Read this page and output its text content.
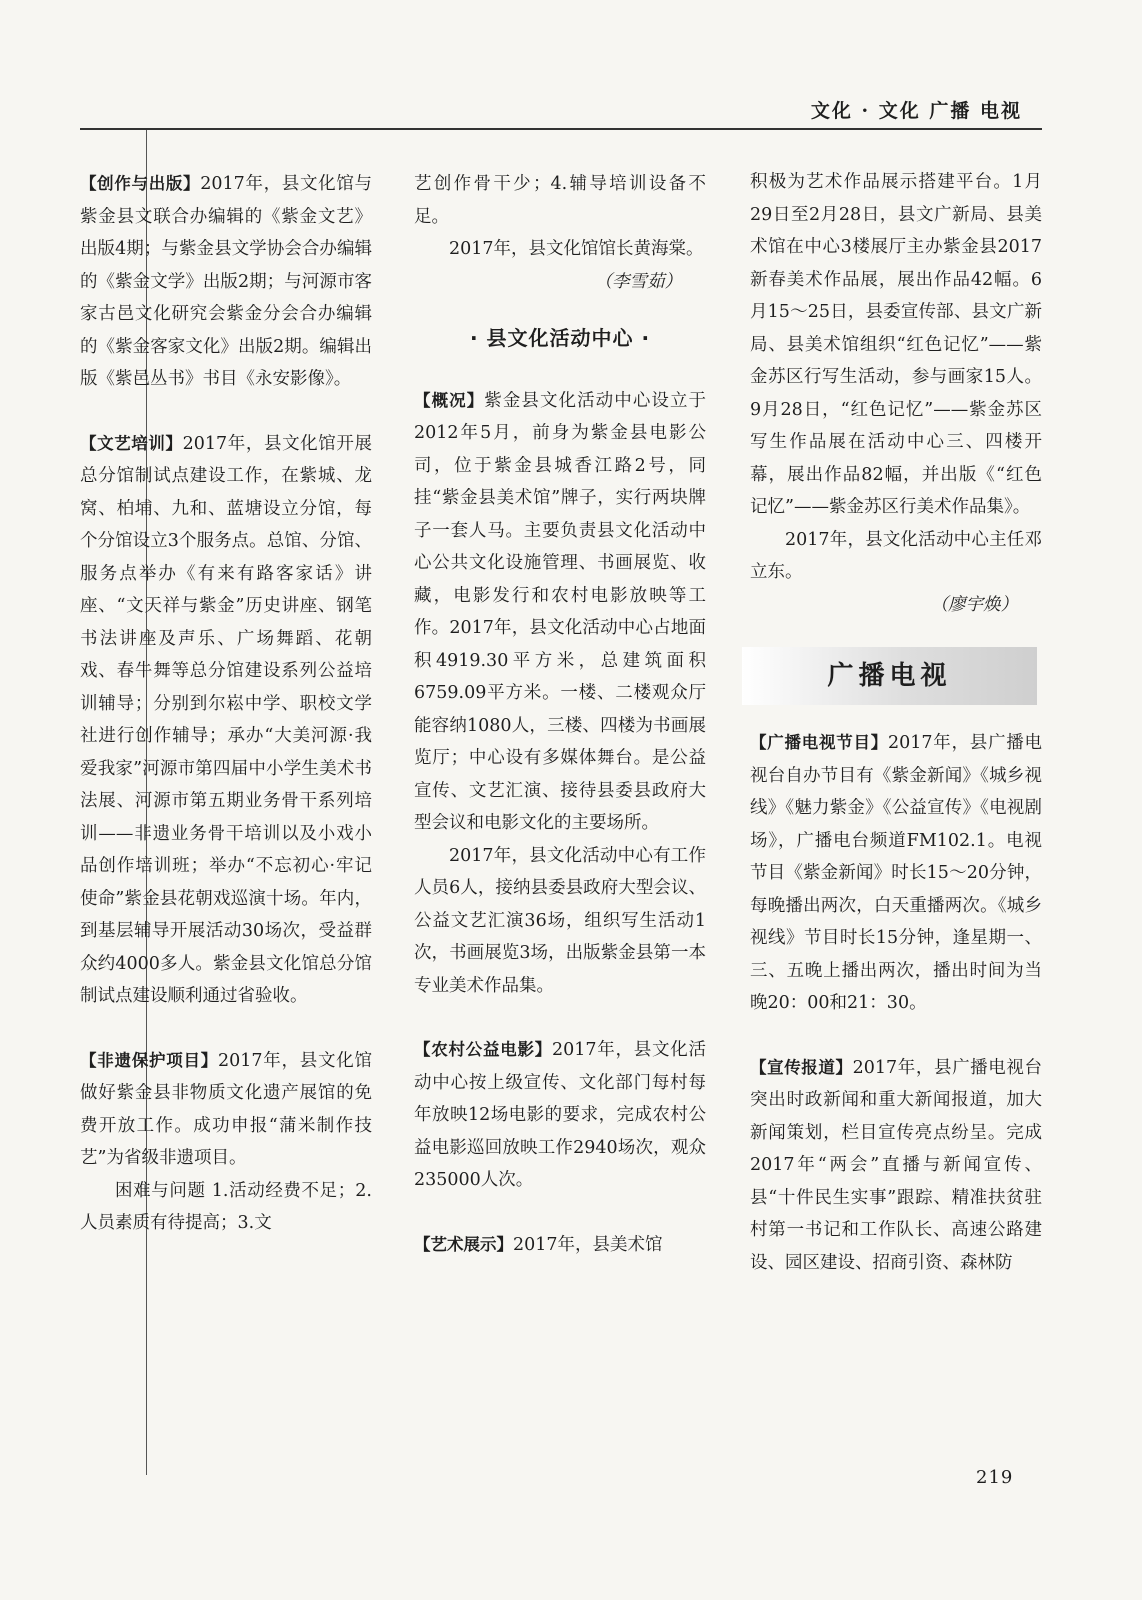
文化 · 文化 广播 电视

【创作与出版】2017年，县文化馆与紫金县文联合办编辑的《紫金文艺》出版4期；与紫金县文学协会合办编辑的《紫金文学》出版2期；与河源市客家古邑文化研究会紫金分会合办编辑的《紫金客家文化》出版2期。编辑出版《紫邑丛书》书目《永安影像》。

【文艺培训】2017年，县文化馆开展总分馆制试点建设工作，在紫城、龙窝、柏埔、九和、蓝塘设立分馆，每个分馆设立3个服务点。总馆、分馆、服务点举办《有来有路客家话》讲座、“文天祥与紫金”历史讲座、钢笔书法讲座及声乐、广场舞蹈、花朝戏、春牛舞等总分馆建设系列公益培训辅导；分别到尔崧中学、职校文学社进行创作辅导；承办“大美河源·我爱我家”河源市第四届中小学生美术书法展、河源市第五期业务骨干系列培训——非遗业务骨干培训以及小戏小品创作培训班；举办“不忘初心·牢记使命”紫金县花朝戏巡演十场。年内，到基层辅导开展活动30场次，受益群众约4000多人。紫金县文化馆总分馆制试点建设顺利通过省验收。

【非遗保护项目】2017年，县文化馆做好紫金县非物质文化遗产展馆的免费开放工作。成功申报“蒲米制作技艺”为省级非遗项目。

困难与问题 1.活动经费不足；2.人员素质有待提高；3.文

艺创作骨干少；4.辅导培训设备不足。

2017年，县文化馆馆长黄海棠。

（李雪茹）

· 县文化活动中心 ·

【概况】紫金县文化活动中心设立于2012年5月，前身为紫金县电影公司，位于紫金县城香江路2号，同挂“紫金县美术馆”牌子，实行两块牌子一套人马。主要负责县文化活动中心公共文化设施管理、书画展览、收藏，电影发行和农村电影放映等工作。2017年，县文化活动中心占地面积4919.30平方米，总建筑面积6759.09平方米。一楼、二楼观众厅能容纳1080人，三楼、四楼为书画展览厅；中心设有多媒体舞台。是公益宣传、文艺汇演、接待县委县政府大型会议和电影文化的主要场所。

2017年，县文化活动中心有工作人员6人，接纳县委县政府大型会议、公益文艺汇演36场，组织写生活动1次，书画展览3场，出版紫金县第一本专业美术作品集。

【农村公益电影】2017年，县文化活动中心按上级宣传、文化部门每村每年放映12场电影的要求，完成农村公益电影巡回放映工作2940场次，观众235000人次。

【艺术展示】2017年，县美术馆

积极为艺术作品展示搭建平台。1月29日至2月28日，县文广新局、县美术馆在中心3楼展厅主办紫金县2017新春美术作品展，展出作品42幅。6月15～25日，县委宣传部、县文广新局、县美术馆组织“红色记忆”——紫金苏区行写生活动，参与画家15人。9月28日，“红色记忆”——紫金苏区写生作品展在活动中心三、四楼开幕，展出作品82幅，并出版《“红色记忆”——紫金苏区行美术作品集》。

2017年，县文化活动中心主任邓立东。

（廖宇焕）

广播电视

【广播电视节目】2017年，县广播电视台自办节目有《紫金新闻》《城乡视线》《魅力紫金》《公益宣传》《电视剧场》，广播电台频道FM102.1。电视节目《紫金新闻》时长15～20分钟，每晚播出两次，白天重播两次。《城乡视线》节目时长15分钟，逢星期一、三、五晚上播出两次，播出时间为当晚20：00和21：30。

【宣传报道】2017年，县广播电视台突出时政新闻和重大新闻报道，加大新闻策划，栏目宣传亮点纷呈。完成2017年“两会”直播与新闻宣传、县“十件民生实事”跟踪、精准扶贫驻村第一书记和工作队长、高速公路建设、园区建设、招商引资、森林防

219
